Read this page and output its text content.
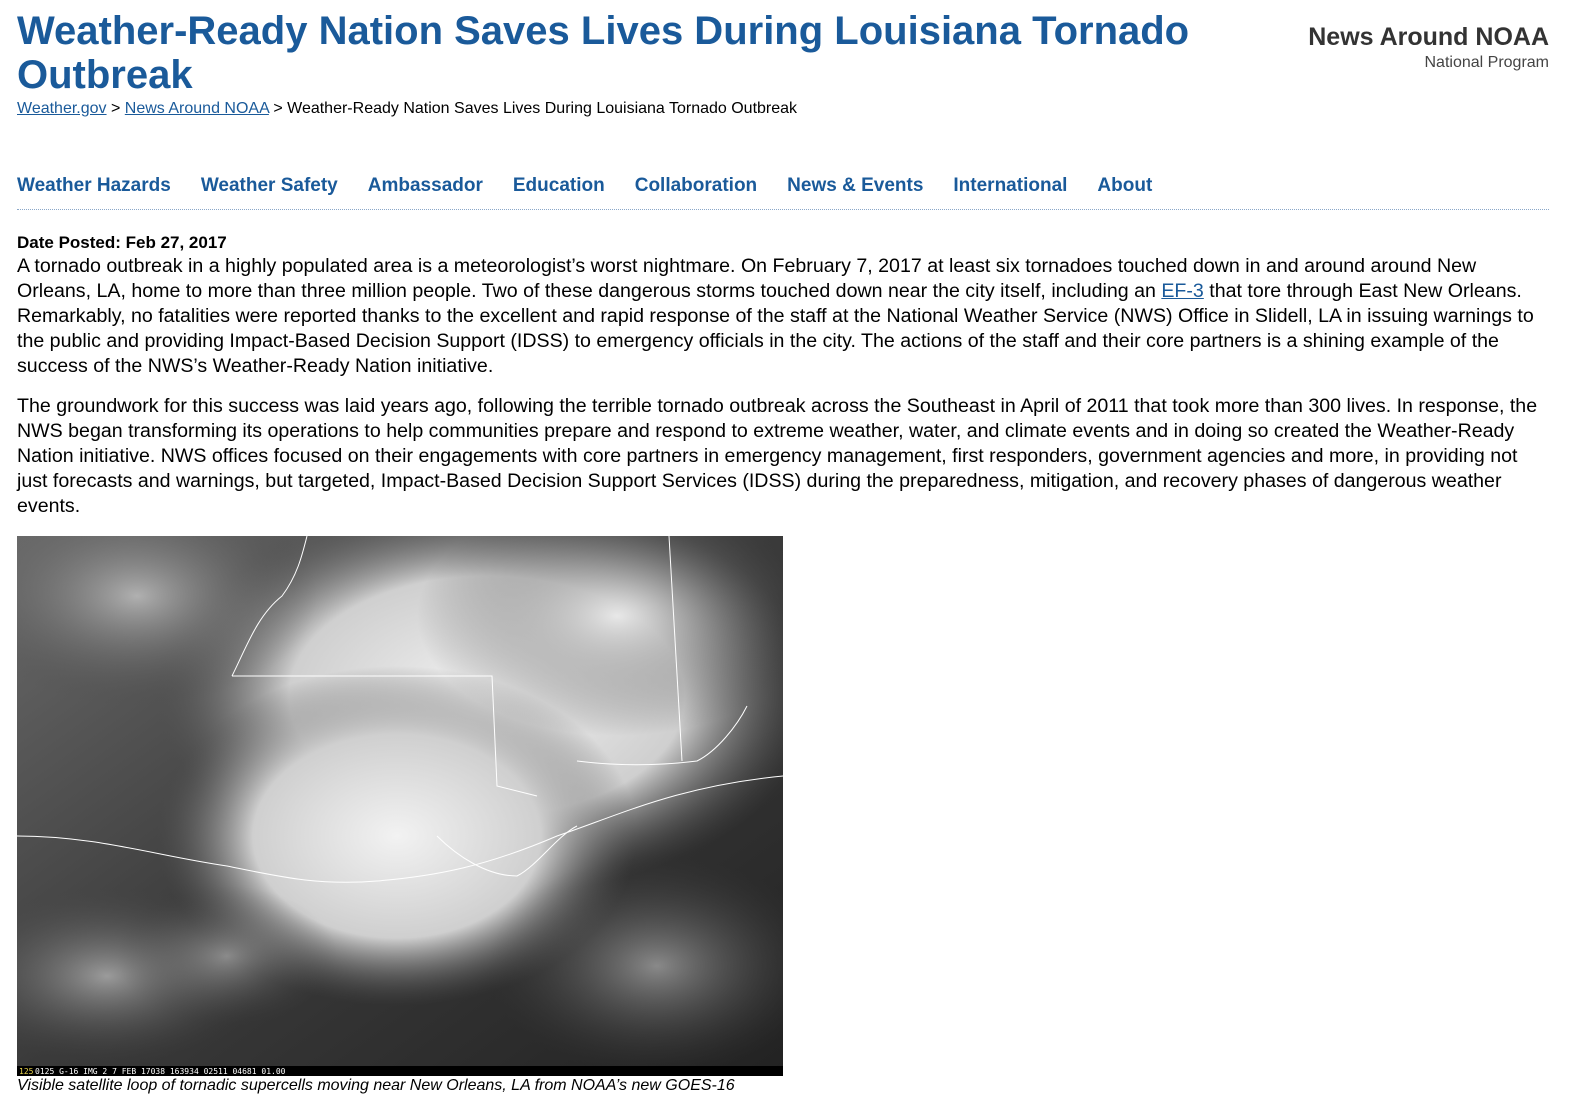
Weather-Ready Nation Saves Lives During Louisiana Tornado Outbreak
News Around NOAA
National Program
Weather.gov > News Around NOAA > Weather-Ready Nation Saves Lives During Louisiana Tornado Outbreak
Weather Hazards Weather Safety Ambassador Education Collaboration News & Events International About

Date Posted: Feb 27, 2017

A tornado outbreak in a highly populated area is a meteorologist’s worst nightmare. On February 7, 2017 at least six tornadoes touched down in and around around New Orleans, LA, home to more than three million people. Two of these dangerous storms touched down near the city itself, including an EF-3 that tore through East New Orleans. Remarkably, no fatalities were reported thanks to the excellent and rapid response of the staff at the National Weather Service (NWS) Office in Slidell, LA in issuing warnings to the public and providing Impact-Based Decision Support (IDSS) to emergency officials in the city. The actions of the staff and their core partners is a shining example of the success of the NWS’s Weather-Ready Nation initiative.

The groundwork for this success was laid years ago, following the terrible tornado outbreak across the Southeast in April of 2011 that took more than 300 lives. In response, the NWS began transforming its operations to help communities prepare and respond to extreme weather, water, and climate events and in doing so created the Weather-Ready Nation initiative. NWS offices focused on their engagements with core partners in emergency management, first responders, government agencies and more, in providing not just forecasts and warnings, but targeted, Impact-Based Decision Support Services (IDSS) during the preparedness, mitigation, and recovery phases of dangerous weather events.

125 0125 G-16 IMG 2 7 FEB 17038 163934 02511 04681 01.00
Visible satellite loop of tornadic supercells moving near New Orleans, LA from NOAA’s new GOES-16
